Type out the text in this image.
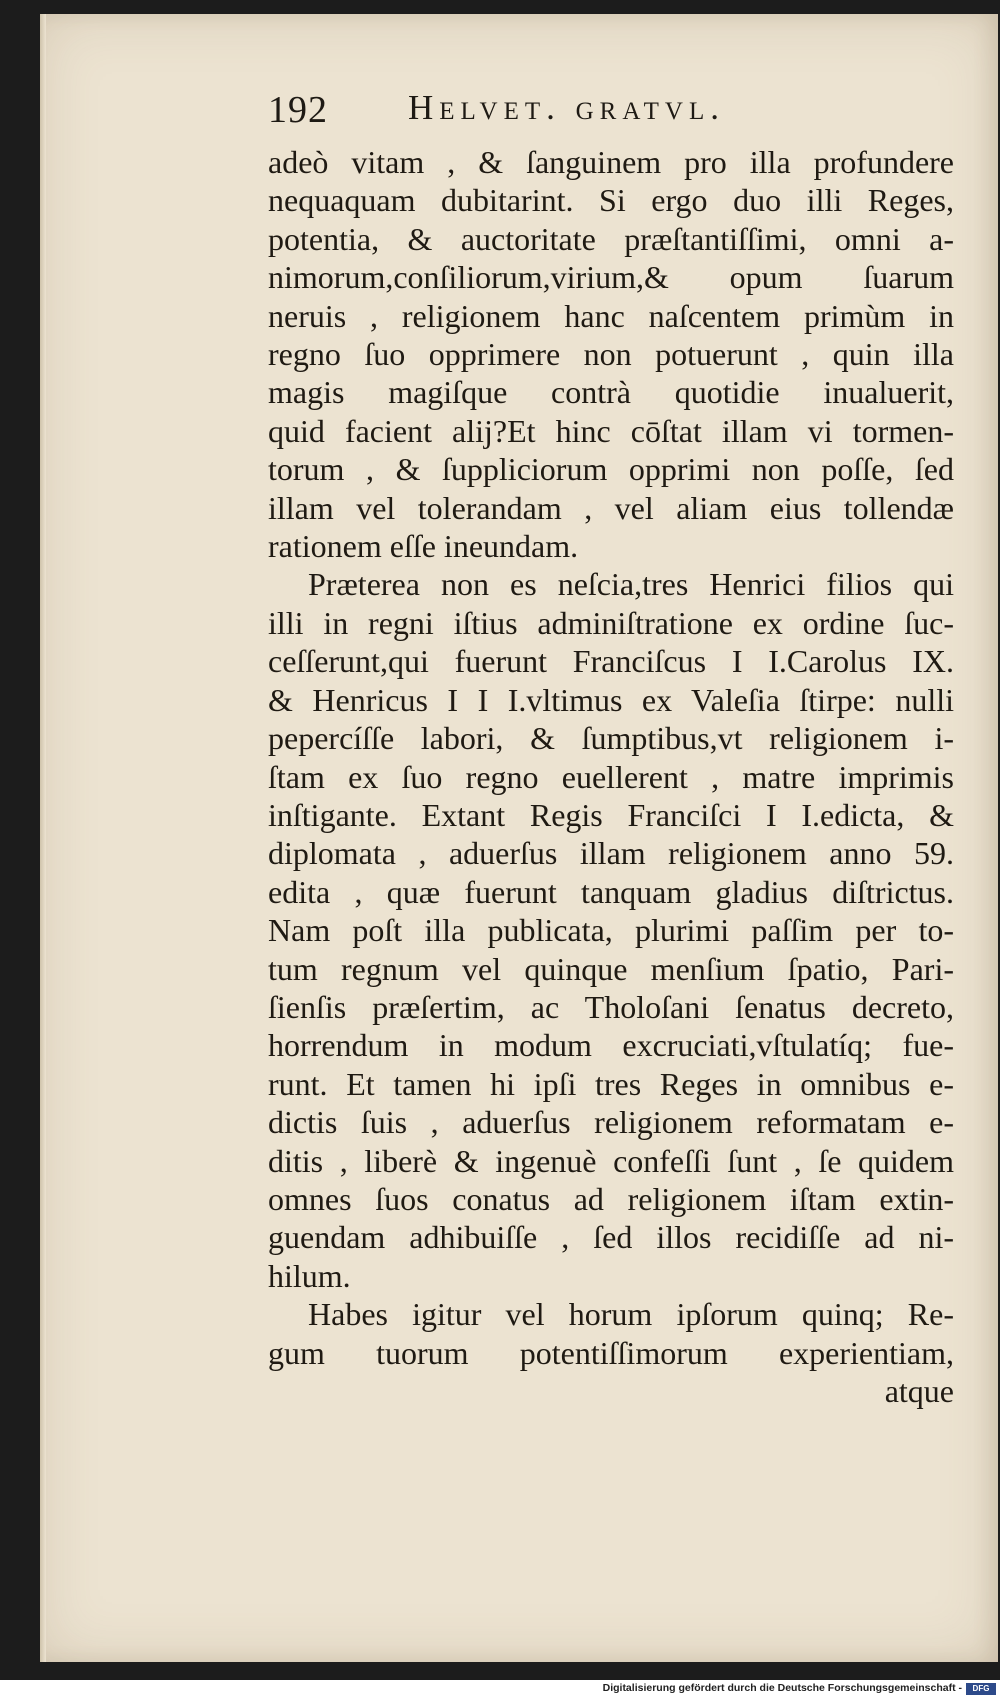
192 Helvet. gratvl.
adeò vitam , & ſanguinem pro illa profundere
nequaquam dubitarint. Si ergo duo illi Reges,
potentia, & auctoritate præſtantiſſimi, omni a-
nimorum,conſiliorum,virium,& opum ſuarum
neruis , religionem hanc naſcentem primùm in
regno ſuo opprimere non potuerunt , quin illa
magis magiſque contrà quotidie inualuerit,
quid facient alij?Et hinc cōſtat illam vi tormen-
torum , & ſuppliciorum opprimi non poſſe, ſed
illam vel tolerandam , vel aliam eius tollendæ
rationem eſſe ineundam.
Præterea non es neſcia,tres Henrici filios qui
illi in regni iſtius adminiſtratione ex ordine ſuc-
ceſſerunt,qui fuerunt Franciſcus I I.Carolus IX.
& Henricus I I I.vltimus ex Valeſia ſtirpe: nulli
pepercíſſe labori, & ſumptibus,vt religionem i-
ſtam ex ſuo regno euellerent , matre imprimis
inſtigante. Extant Regis Franciſci I I.edicta, &
diplomata , aduerſus illam religionem anno 59.
edita , quæ fuerunt tanquam gladius diſtrictus.
Nam poſt illa publicata, plurimi paſſim per to-
tum regnum vel quinque menſium ſpatio, Pari-
ſienſis præſertim, ac Tholoſani ſenatus decreto,
horrendum in modum excruciati,vſtulatíq; fue-
runt. Et tamen hi ipſi tres Reges in omnibus e-
dictis ſuis , aduerſus religionem reformatam e-
ditis , liberè & ingenuè confeſſi ſunt , ſe quidem
omnes ſuos conatus ad religionem iſtam extin-
guendam adhibuiſſe , ſed illos recidiſſe ad ni-
hilum.
Habes igitur vel horum ipſorum quinq; Re-
gum tuorum potentiſſimorum experientiam,
atque
Digitalisierung gefördert durch die Deutsche Forschungsgemeinschaft -	DFG
